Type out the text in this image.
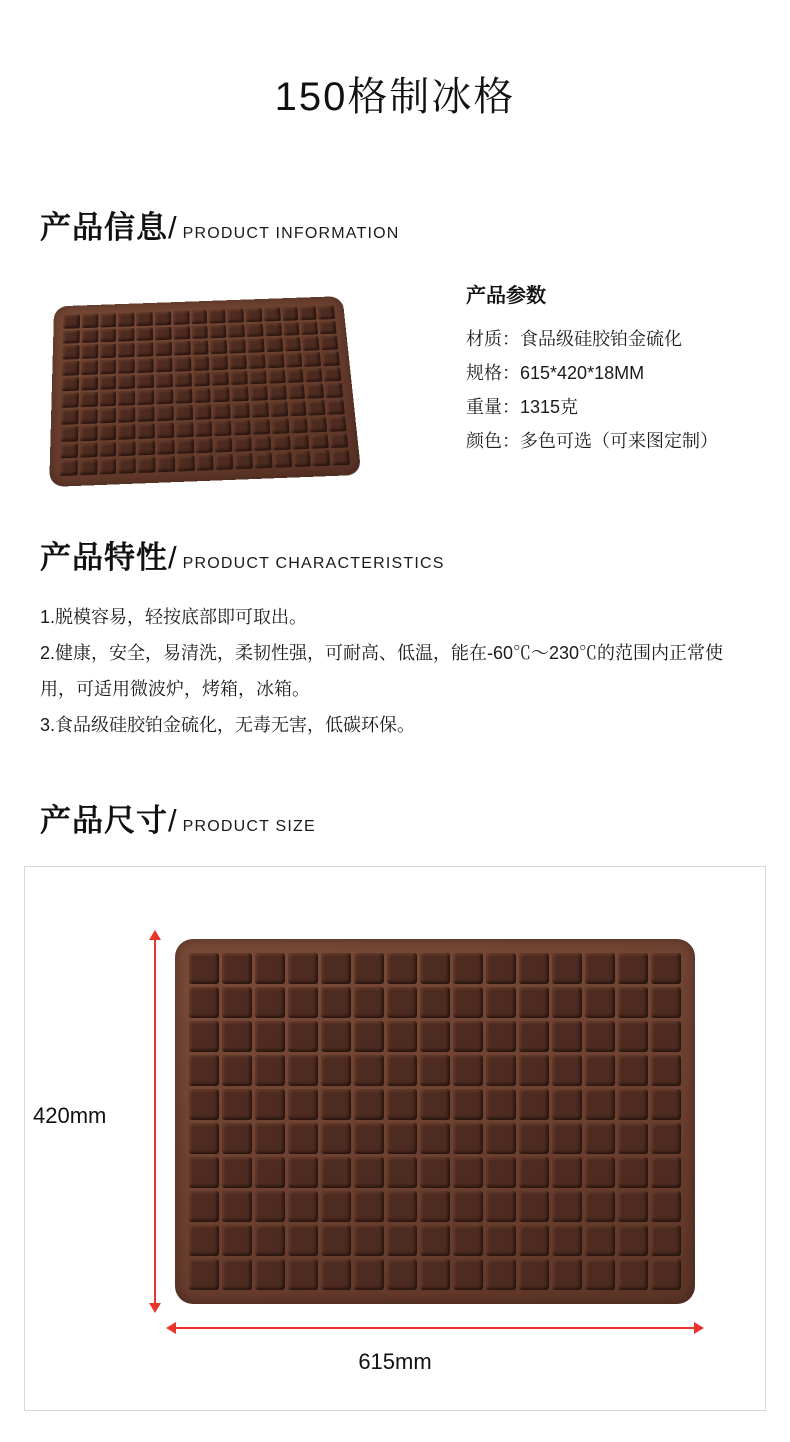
150格制冰格
产品信息 / PRODUCT INFORMATION
产品参数
材质：食品级硅胶铂金硫化
规格：615*420*18MM
重量：1315克
颜色：多色可选（可来图定制）
产品特性 / PRODUCT CHARACTERISTICS

1.脱模容易，轻按底部即可取出。

2.健康，安全，易清洗，柔韧性强，可耐高、低温，能在-60℃～230℃的范围内正常使用，可适用微波炉，烤箱，冰箱。

3.食品级硅胶铂金硫化，无毒无害，低碳环保。

产品尺寸 / PRODUCT SIZE
420mm
615mm
